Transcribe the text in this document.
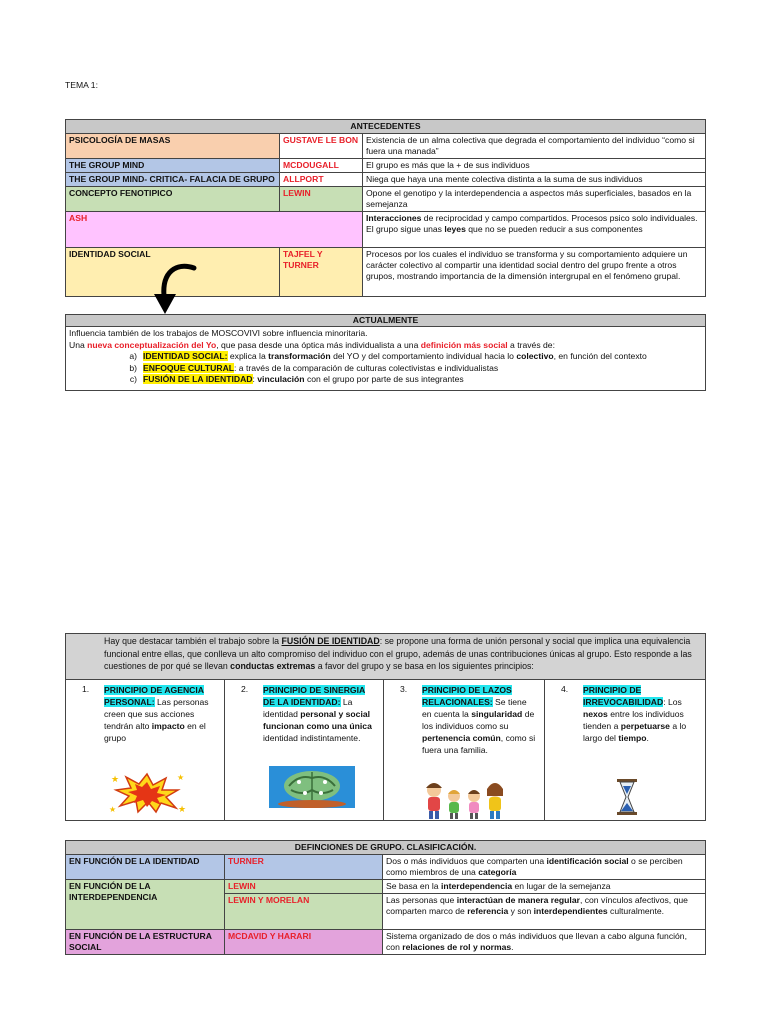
TEMA 1:
ANTECEDENTES		
PSICOLOGÍA DE MASAS	GUSTAVE LE BON	Existencia de un alma colectiva que degrada el comportamiento del individuo “como si fuera una manada”
THE GROUP MIND	MCDOUGALL	El grupo es más que la + de sus individuos
THE GROUP MIND- CRITICA- FALACIA DE GRUPO	ALLPORT	Niega que haya una mente colectiva distinta a la suma de sus individuos
CONCEPTO FENOTIPICO	LEWIN	Opone el genotipo y la interdependencia a aspectos más superficiales, basados en la semejanza
ASH		Interacciones de reciprocidad y campo compartidos. Procesos psico solo individuales. El grupo sigue unas leyes que no se pueden reducir a sus componentes
IDENTIDAD SOCIAL	TAJFEL Y TURNER	Procesos por los cuales el individuo se transforma y su comportamiento adquiere un carácter colectivo al compartir una identidad social dentro del grupo frente a otros grupos, mostrando importancia de la dimensión intergrupal en el fenómeno grupal.
ACTUALMENTE
Influencia también de los trabajos de MOSCOVIVI sobre influencia minoritaria.
Una nueva conceptualización del Yo, que pasa desde una óptica más individualista a una definición más social a través de:
a) IDENTIDAD SOCIAL: explica la transformación del YO y del comportamiento individual hacia lo colectivo, en función del contexto
b) ENFOQUE CULTURAL: a través de la comparación de culturas colectivistas e individualistas
c) FUSIÓN DE LA IDENTIDAD: vinculación con el grupo por parte de sus integrantes
Hay que destacar también el trabajo sobre la FUSIÓN DE IDENTIDAD: se propone una forma de unión personal y social que implica una equivalencia funcional entre ellas, que conlleva un alto compromiso del individuo con el grupo, además de unas contribuciones únicas al grupo. Esto responde a las cuestiones de por qué se llevan conductas extremas a favor del grupo y se basa en los siguientes principios:
1. PRINCIPIO DE AGENCIA PERSONAL: Las personas creen que sus acciones tendrán alto impacto en el grupo
★	★
★	★
2. PRINCIPIO DE SINERGIA DE LA IDENTIDAD: La identidad personal y social funcionan como una única identidad indistintamente.
3. PRINCIPIO DE LAZOS RELACIONALES: Se tiene en cuenta la singularidad de los individuos como su pertenencia común, como si fuera una familia.
4. PRINCIPIO DE IRREVOCABILIDAD: Los nexos entre los individuos tienden a perpetuarse a lo largo del tiempo.
DEFINCIONES DE GRUPO. CLASIFICACIÓN.		
EN FUNCIÓN DE LA IDENTIDAD	TURNER	Dos o más individuos que comparten una identificación social o se perciben como miembros de una categoría
EN FUNCIÓN DE LA INTERDEPENDENCIA	LEWIN	Se basa en la interdependencia en lugar de la semejanza
	LEWIN Y MORELAN	Las personas que interactúan de manera regular, con vínculos afectivos, que comparten marco de referencia y son interdependientes culturalmente.
EN FUNCIÓN DE LA ESTRUCTURA SOCIAL	MCDAVID Y HARARI	Sistema organizado de dos o más individuos que llevan a cabo alguna función, con relaciones de rol y normas.
